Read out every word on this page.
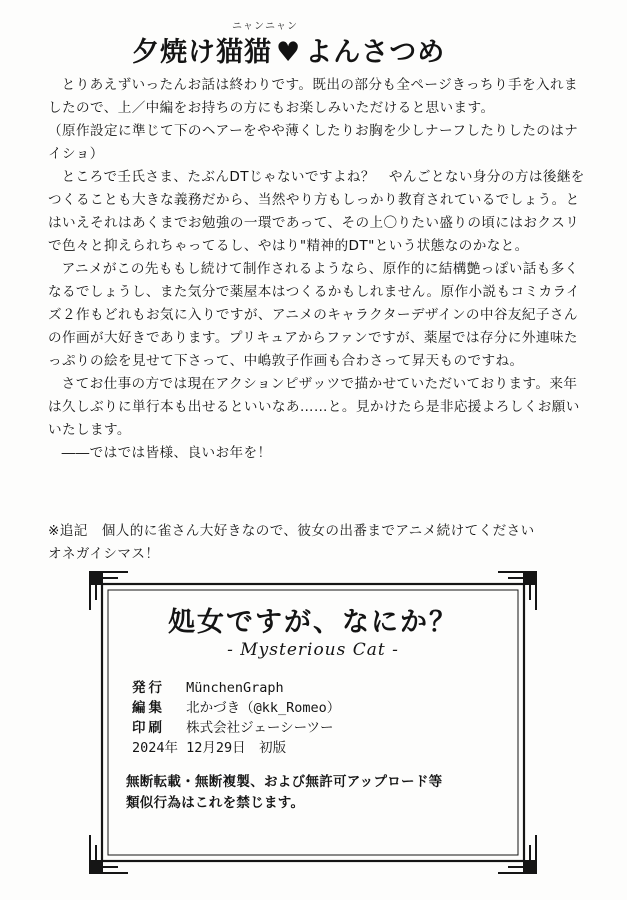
ニャンニャン
夕焼け猫猫 ♥ よんさつめ

とりあえずいったんお話は終わりです。既出の部分も全ページきっちり手を入れましたので、上／中編をお持ちの方にもお楽しみいただけると思います。

（原作設定に準じて下のヘアーをやや薄くしたりお胸を少しナーフしたりしたのはナイショ）

ところで壬氏さま、たぶんDTじゃないですよね？　やんごとない身分の方は後継をつくることも大きな義務だから、当然やり方もしっかり教育されているでしょう。とはいえそれはあくまでお勉強の一環であって、その上〇りたい盛りの頃にはおクスリで色々と抑えられちゃってるし、やはり"精神的DT"という状態なのかなと。

アニメがこの先ももし続けて制作されるようなら、原作的に結構艶っぽい話も多くなるでしょうし、また気分で薬屋本はつくるかもしれません。原作小説もコミカライズ２作もどれもお気に入りですが、アニメのキャラクターデザインの中谷友紀子さんの作画が大好きであります。プリキュアからファンですが、薬屋では存分に外連味たっぷりの絵を見せて下さって、中嶋敦子作画も合わさって昇天ものですね。

さてお仕事の方では現在アクションピザッツで描かせていただいております。来年は久しぶりに単行本も出せるといいなあ……と。見かけたら是非応援よろしくお願いいたします。

――ではでは皆様、良いお年を！

※追記　個人的に雀さん大好きなので、彼女の出番までアニメ続けてください

オネガイシマス！

処女ですが、なにか？
- Mysterious Cat -
発行 MünchenGraph
編集 北かづき（@kk_Romeo）
印刷 株式会社ジェーシーツー
2024年 12月29日　初版

無断転載・無断複製、および無許可アップロード等

類似行為はこれを禁じます。
